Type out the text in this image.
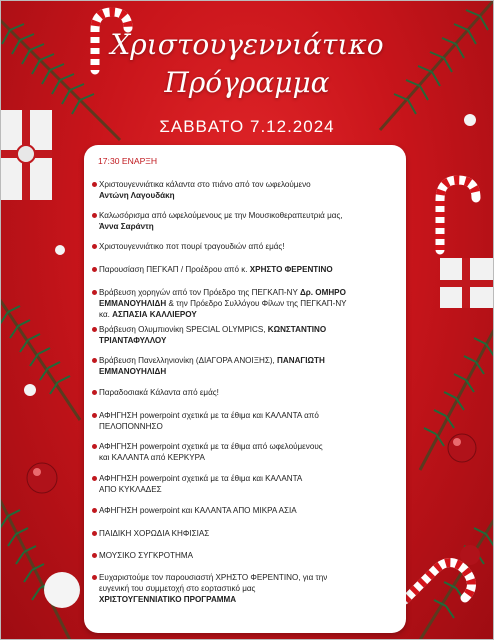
Χριστουγεννιάτικο
Πρόγραμμα
ΣΑΒΒΑΤΟ 7.12.2024
17:30 ΕΝΑΡΞΗ
Χριστουγεννιάτικα κάλαντα στο πιάνο από τον ωφελούμενο
Αντώνη Λαγουδάκη
Καλωσόρισμα από ωφελούμενους με την Μουσικοθεραπευτριά μας,
Άννα Σαράντη
Χριστουγεννιάτικο ποτ πουρί τραγουδιών από εμάς!
Παρουσίαση ΠΕΓΚΑΠ / Προέδρου από κ. ΧΡΗΣΤΟ ΦΕΡΕΝΤΙΝΟ
Βράβευση χορηγών από τον Πρόεδρο της ΠΕΓΚΑΠ-ΝΥ Δρ. ΟΜΗΡΟ
ΕΜΜΑΝΟΥΗΛΙΔΗ & την Πρόεδρο Συλλόγου Φίλων της ΠΕΓΚΑΠ-ΝΥ
κα. ΑΣΠΑΣΙΑ ΚΑΛΛΙΕΡΟΥ
Βράβευση Ολυμπιονίκη SPECIAL OLYMPICS, ΚΩΝΣΤΑΝΤΙΝΟ
ΤΡΙΑΝΤΑΦΥΛΛΟΥ
Βράβευση Πανελληνιονίκη (ΔΙΑΓΟΡΑ ΑΝΟΙΞΗΣ), ΠΑΝΑΓΙΩΤΗ
ΕΜΜΑΝΟΥΗΛΙΔΗ
Παραδοσιακά Κάλαντα από εμάς!
ΑΦΗΓΗΣΗ powerpoint σχετικά με τα έθιμα και ΚΑΛΑΝΤΑ από
ΠΕΛΟΠΟΝΝΗΣΟ
ΑΦΗΓΗΣΗ powerpoint σχετικά με τα έθιμα από ωφελούμενους
και ΚΑΛΑΝΤΑ από ΚΕΡΚΥΡΑ
ΑΦΗΓΗΣΗ powerpoint σχετικά με τα έθιμα και ΚΑΛΑΝΤΑ
ΑΠΟ ΚΥΚΛΑΔΕΣ
ΑΦΗΓΗΣΗ powerpoint και ΚΑΛΑΝΤΑ ΑΠΟ ΜΙΚΡΑ ΑΣΙΑ
ΠΑΙΔΙΚΗ ΧΟΡΩΔΙΑ ΚΗΦΙΣΙΑΣ
ΜΟΥΣΙΚΟ ΣΥΓΚΡΟΤΗΜΑ
Ευχαριστούμε τον παρουσιαστή ΧΡΗΣΤΟ ΦΕΡΕΝΤΙΝΟ, για την
ευγενική του συμμετοχή στο εορταστικό μας
ΧΡΙΣΤΟΥΓΕΝΝΙΑΤΙΚΟ ΠΡΟΓΡΑΜΜΑ
